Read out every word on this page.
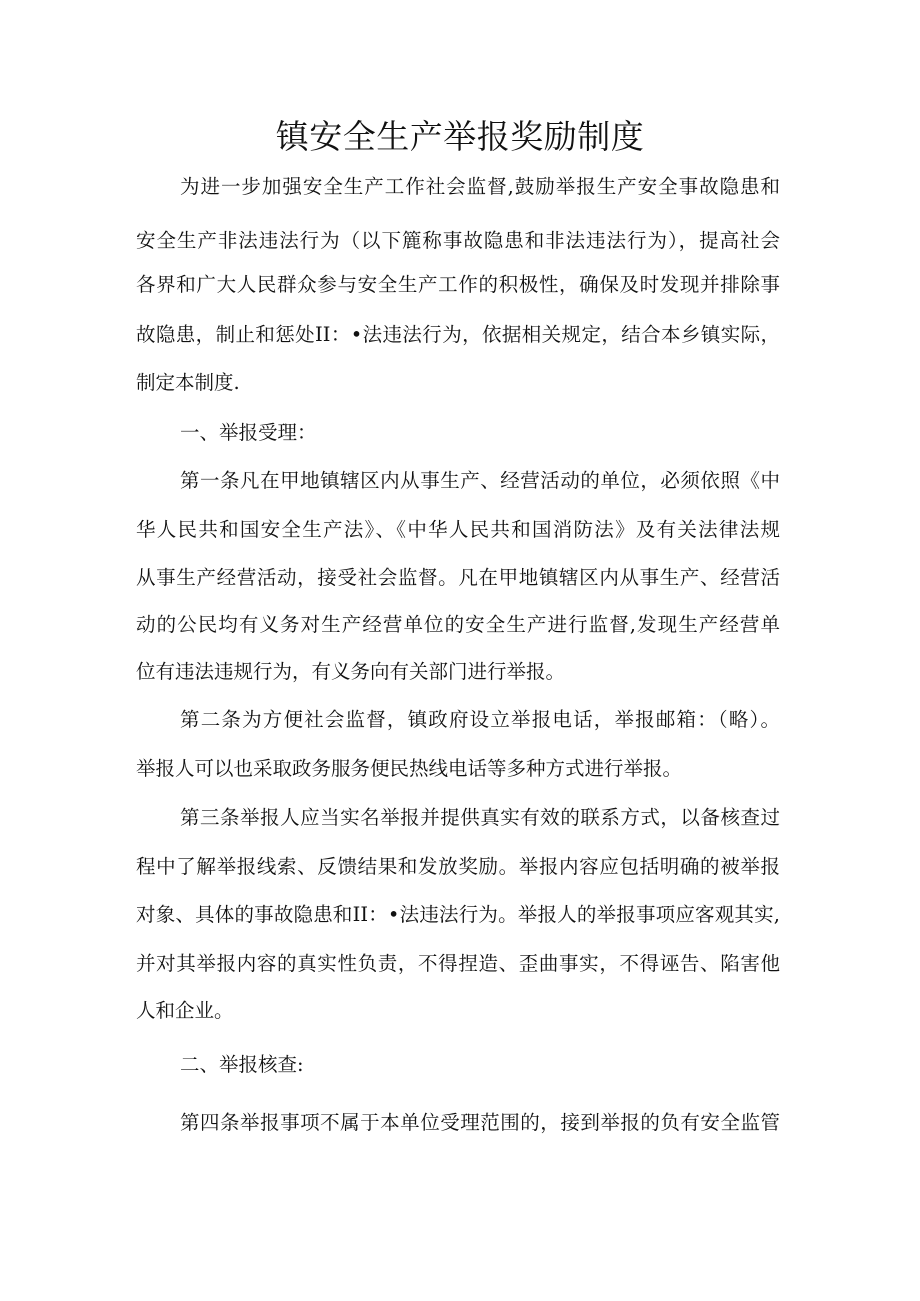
镇安全生产举报奖励制度
为进一步加强安全生产工作社会监督,鼓励举报生产安全事故隐患和
安全生产非法违法行为（以下簏称事故隐患和非法违法行为），提高社会
各界和广大人民群众参与安全生产工作的积极性，确保及时发现并排除事
故隐患，制止和惩处II：•法违法行为，依据相关规定，结合本乡镇实际，
制定本制度.
一、举报受理：
第一条凡在甲地镇辖区内从事生产、经营活动的单位，必须依照《中
华人民共和国安全生产法》、《中华人民共和国消防法》及有关法律法规
从事生产经营活动，接受社会监督。凡在甲地镇辖区内从事生产、经营活
动的公民均有义务对生产经营单位的安全生产进行监督,发现生产经营单
位有违法违规行为，有义务向有关部门进行举报。
第二条为方便社会监督，镇政府设立举报电话，举报邮箱：（略）。
举报人可以也采取政务服务便民热线电话等多种方式进行举报。
第三条举报人应当实名举报并提供真实有效的联系方式，以备核查过
程中了解举报线索、反馈结果和发放奖励。举报内容应包括明确的被举报
对象、具体的事故隐患和II：•法违法行为。举报人的举报事项应客观其实,
并对其举报内容的真实性负责，不得捏造、歪曲事实，不得诬告、陷害他
人和企业。
二、举报核查:
第四条举报事项不属于本单位受理范围的，接到举报的负有安全监管
